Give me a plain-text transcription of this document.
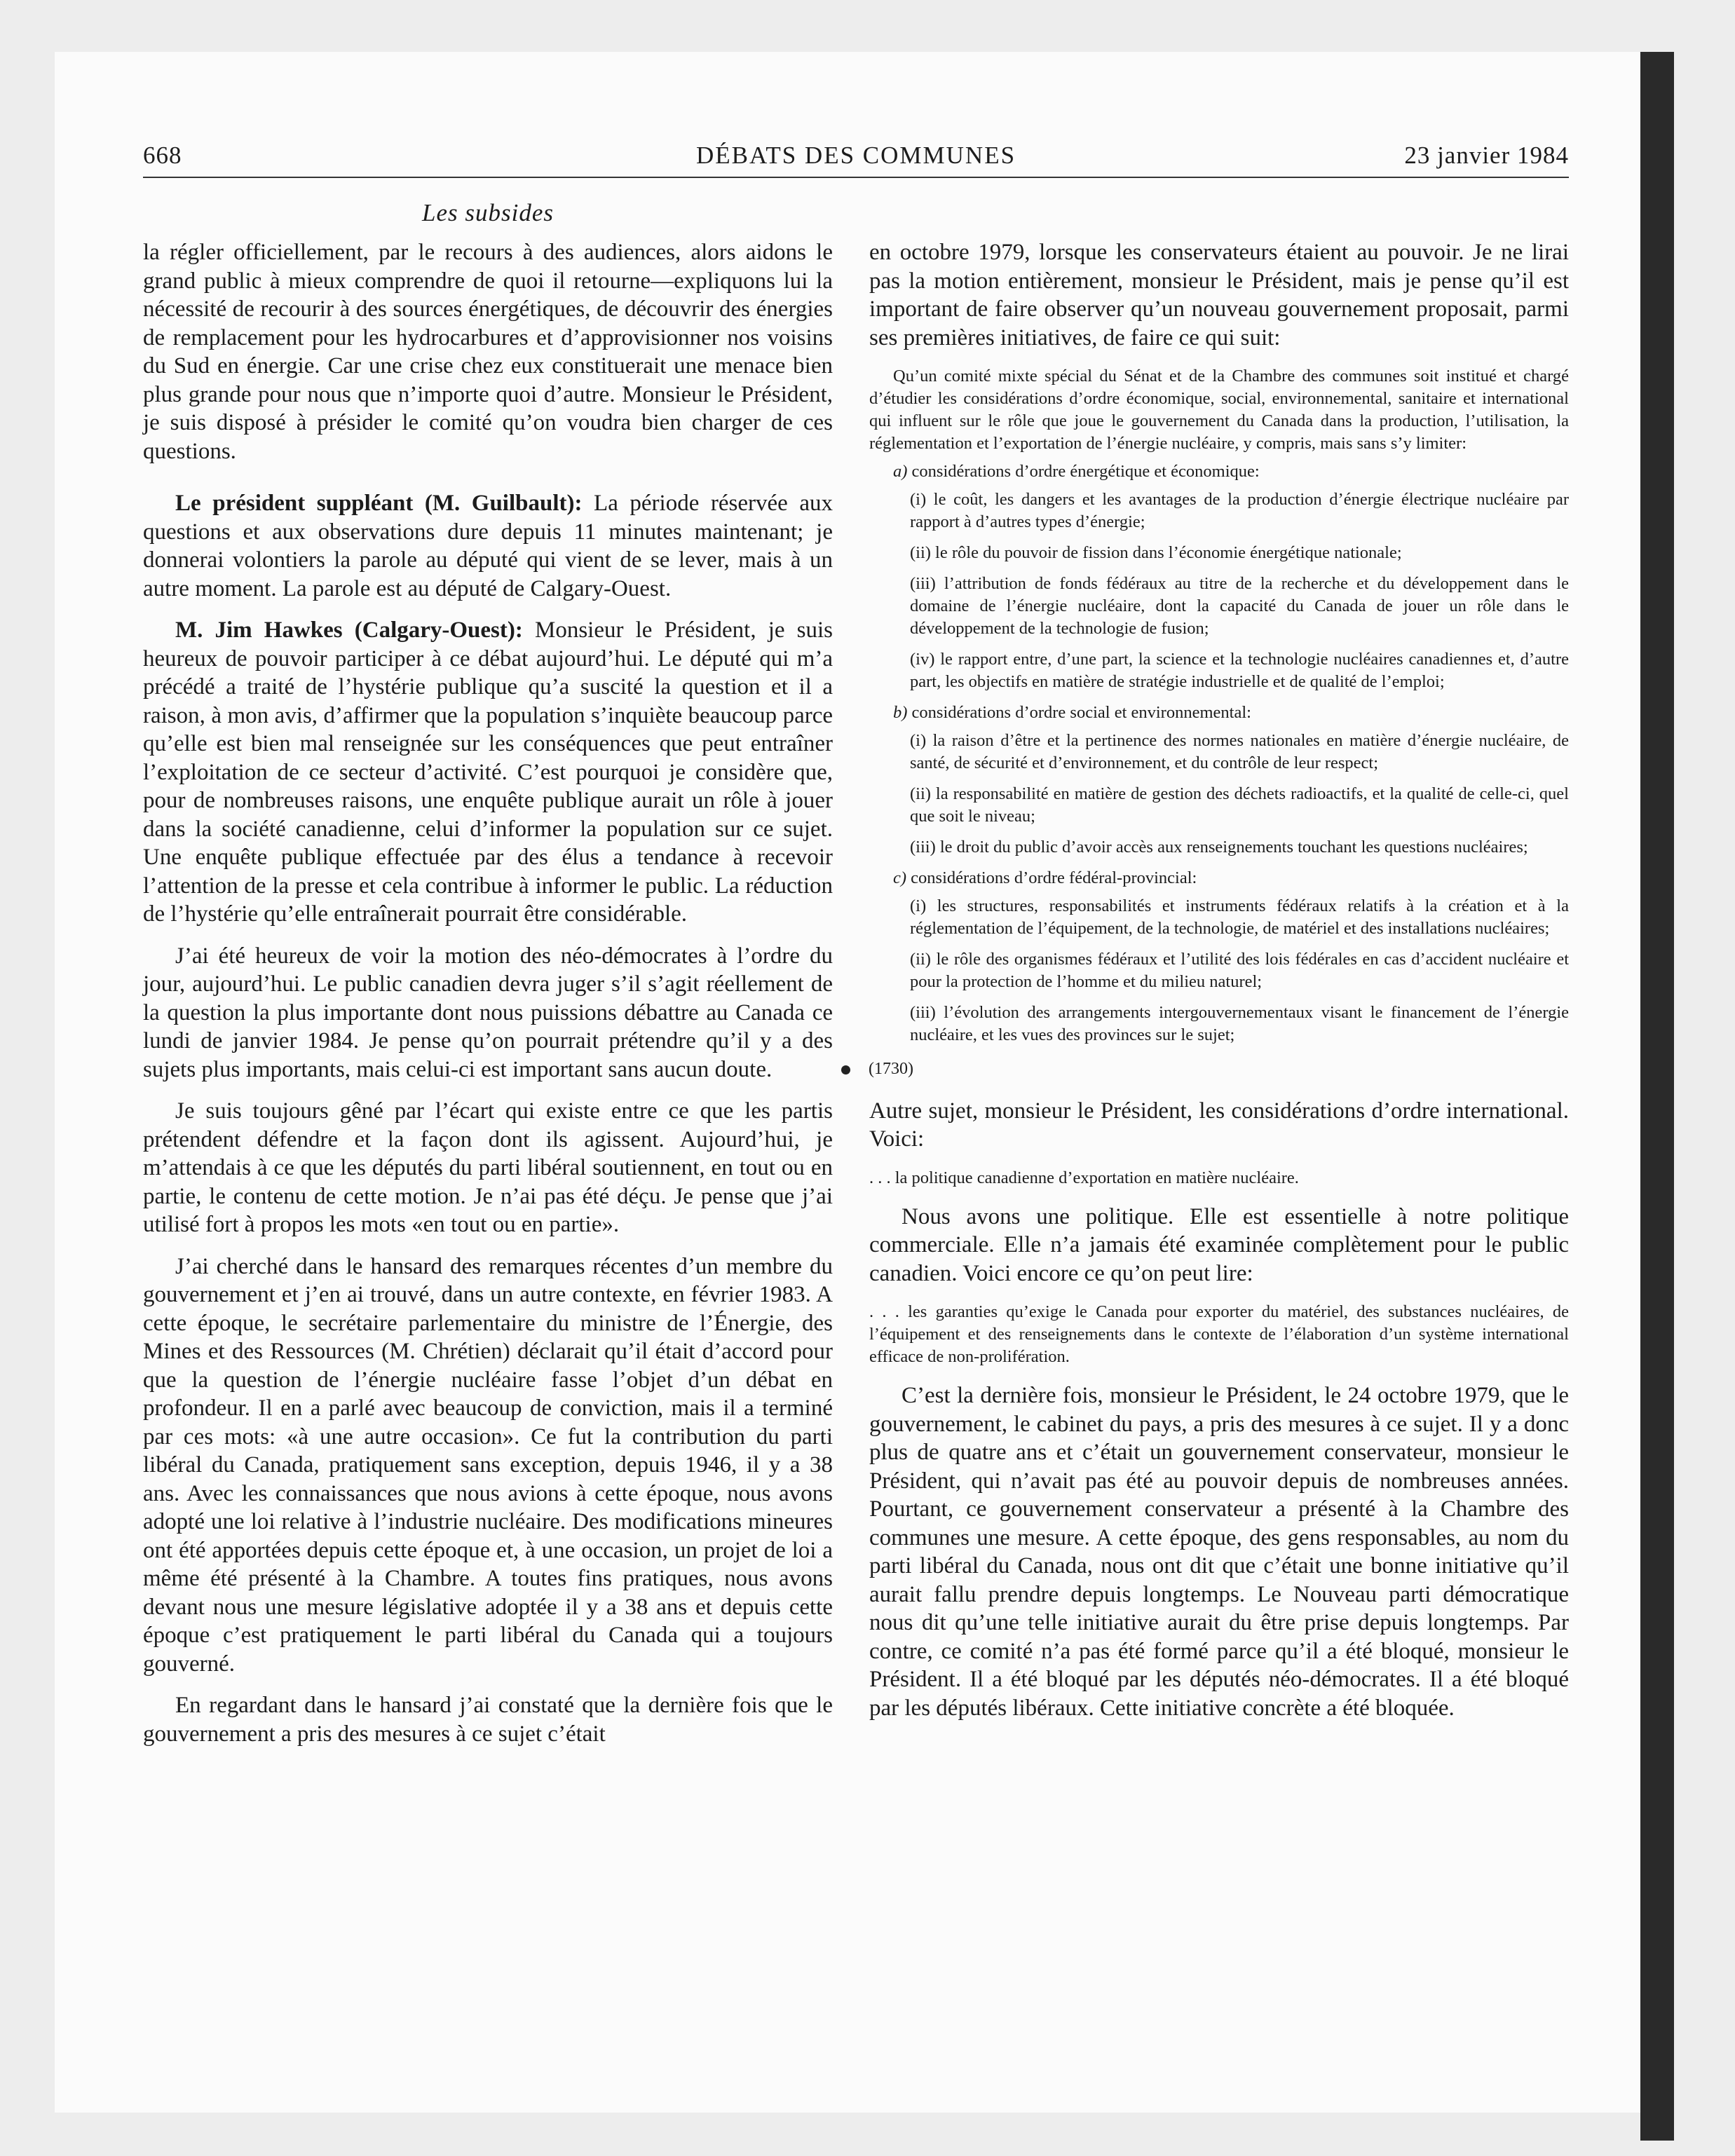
668	DÉBATS DES COMMUNES	23 janvier 1984
Les subsides

la régler officiellement, par le recours à des audiences, alors aidons le grand public à mieux comprendre de quoi il retourne—expliquons lui la nécessité de recourir à des sources énergétiques, de découvrir des énergies de remplacement pour les hydrocarbures et d’approvisionner nos voisins du Sud en énergie. Car une crise chez eux constituerait une menace bien plus grande pour nous que n’importe quoi d’autre. Monsieur le Président, je suis disposé à présider le comité qu’on voudra bien charger de ces questions.

Le président suppléant (M. Guilbault): La période réservée aux questions et aux observations dure depuis 11 minutes maintenant; je donnerai volontiers la parole au député qui vient de se lever, mais à un autre moment. La parole est au député de Calgary-Ouest.

M. Jim Hawkes (Calgary-Ouest): Monsieur le Président, je suis heureux de pouvoir participer à ce débat aujourd’hui. Le député qui m’a précédé a traité de l’hystérie publique qu’a suscité la question et il a raison, à mon avis, d’affirmer que la population s’inquiète beaucoup parce qu’elle est bien mal renseignée sur les conséquences que peut entraîner l’exploitation de ce secteur d’activité. C’est pourquoi je considère que, pour de nombreuses raisons, une enquête publique aurait un rôle à jouer dans la société canadienne, celui d’informer la population sur ce sujet. Une enquête publique effectuée par des élus a tendance à recevoir l’attention de la presse et cela contribue à informer le public. La réduction de l’hystérie qu’elle entraînerait pourrait être considérable.

J’ai été heureux de voir la motion des néo-démocrates à l’ordre du jour, aujourd’hui. Le public canadien devra juger s’il s’agit réellement de la question la plus importante dont nous puissions débattre au Canada ce lundi de janvier 1984. Je pense qu’on pourrait prétendre qu’il y a des sujets plus importants, mais celui-ci est important sans aucun doute.

Je suis toujours gêné par l’écart qui existe entre ce que les partis prétendent défendre et la façon dont ils agissent. Aujourd’hui, je m’attendais à ce que les députés du parti libéral soutiennent, en tout ou en partie, le contenu de cette motion. Je n’ai pas été déçu. Je pense que j’ai utilisé fort à propos les mots «en tout ou en partie».

J’ai cherché dans le hansard des remarques récentes d’un membre du gouvernement et j’en ai trouvé, dans un autre contexte, en février 1983. A cette époque, le secrétaire parlementaire du ministre de l’Énergie, des Mines et des Ressources (M. Chrétien) déclarait qu’il était d’accord pour que la question de l’énergie nucléaire fasse l’objet d’un débat en profondeur. Il en a parlé avec beaucoup de conviction, mais il a terminé par ces mots: «à une autre occasion». Ce fut la contribution du parti libéral du Canada, pratiquement sans exception, depuis 1946, il y a 38 ans. Avec les connaissances que nous avions à cette époque, nous avons adopté une loi relative à l’industrie nucléaire. Des modifications mineures ont été apportées depuis cette époque et, à une occasion, un projet de loi a même été présenté à la Chambre. A toutes fins pratiques, nous avons devant nous une mesure législative adoptée il y a 38 ans et depuis cette époque c’est pratiquement le parti libéral du Canada qui a toujours gouverné.

En regardant dans le hansard j’ai constaté que la dernière fois que le gouvernement a pris des mesures à ce sujet c’était

en octobre 1979, lorsque les conservateurs étaient au pouvoir. Je ne lirai pas la motion entièrement, monsieur le Président, mais je pense qu’il est important de faire observer qu’un nouveau gouvernement proposait, parmi ses premières initiatives, de faire ce qui suit:

Qu’un comité mixte spécial du Sénat et de la Chambre des communes soit institué et chargé d’étudier les considérations d’ordre économique, social, environnemental, sanitaire et international qui influent sur le rôle que joue le gouvernement du Canada dans la production, l’utilisation, la réglementation et l’exportation de l’énergie nucléaire, y compris, mais sans s’y limiter:

a) considérations d’ordre énergétique et économique:

(i) le coût, les dangers et les avantages de la production d’énergie électrique nucléaire par rapport à d’autres types d’énergie;

(ii) le rôle du pouvoir de fission dans l’économie énergétique nationale;

(iii) l’attribution de fonds fédéraux au titre de la recherche et du développement dans le domaine de l’énergie nucléaire, dont la capacité du Canada de jouer un rôle dans le développement de la technologie de fusion;

(iv) le rapport entre, d’une part, la science et la technologie nucléaires canadiennes et, d’autre part, les objectifs en matière de stratégie industrielle et de qualité de l’emploi;

b) considérations d’ordre social et environnemental:

(i) la raison d’être et la pertinence des normes nationales en matière d’énergie nucléaire, de santé, de sécurité et d’environnement, et du contrôle de leur respect;

(ii) la responsabilité en matière de gestion des déchets radioactifs, et la qualité de celle-ci, quel que soit le niveau;

(iii) le droit du public d’avoir accès aux renseignements touchant les questions nucléaires;

c) considérations d’ordre fédéral-provincial:

(i) les structures, responsabilités et instruments fédéraux relatifs à la création et à la réglementation de l’équipement, de la technologie, de matériel et des installations nucléaires;

(ii) le rôle des organismes fédéraux et l’utilité des lois fédérales en cas d’accident nucléaire et pour la protection de l’homme et du milieu naturel;

(iii) l’évolution des arrangements intergouvernementaux visant le financement de l’énergie nucléaire, et les vues des provinces sur le sujet;

(1730)

Autre sujet, monsieur le Président, les considérations d’ordre international. Voici:

. . . la politique canadienne d’exportation en matière nucléaire.

Nous avons une politique. Elle est essentielle à notre politique commerciale. Elle n’a jamais été examinée complètement pour le public canadien. Voici encore ce qu’on peut lire:

. . . les garanties qu’exige le Canada pour exporter du matériel, des substances nucléaires, de l’équipement et des renseignements dans le contexte de l’élaboration d’un système international efficace de non-prolifération.

C’est la dernière fois, monsieur le Président, le 24 octobre 1979, que le gouvernement, le cabinet du pays, a pris des mesures à ce sujet. Il y a donc plus de quatre ans et c’était un gouvernement conservateur, monsieur le Président, qui n’avait pas été au pouvoir depuis de nombreuses années. Pourtant, ce gouvernement conservateur a présenté à la Chambre des communes une mesure. A cette époque, des gens responsables, au nom du parti libéral du Canada, nous ont dit que c’était une bonne initiative qu’il aurait fallu prendre depuis longtemps. Le Nouveau parti démocratique nous dit qu’une telle initiative aurait du être prise depuis longtemps. Par contre, ce comité n’a pas été formé parce qu’il a été bloqué, monsieur le Président. Il a été bloqué par les députés néo-démocrates. Il a été bloqué par les députés libéraux. Cette initiative concrète a été bloquée.
